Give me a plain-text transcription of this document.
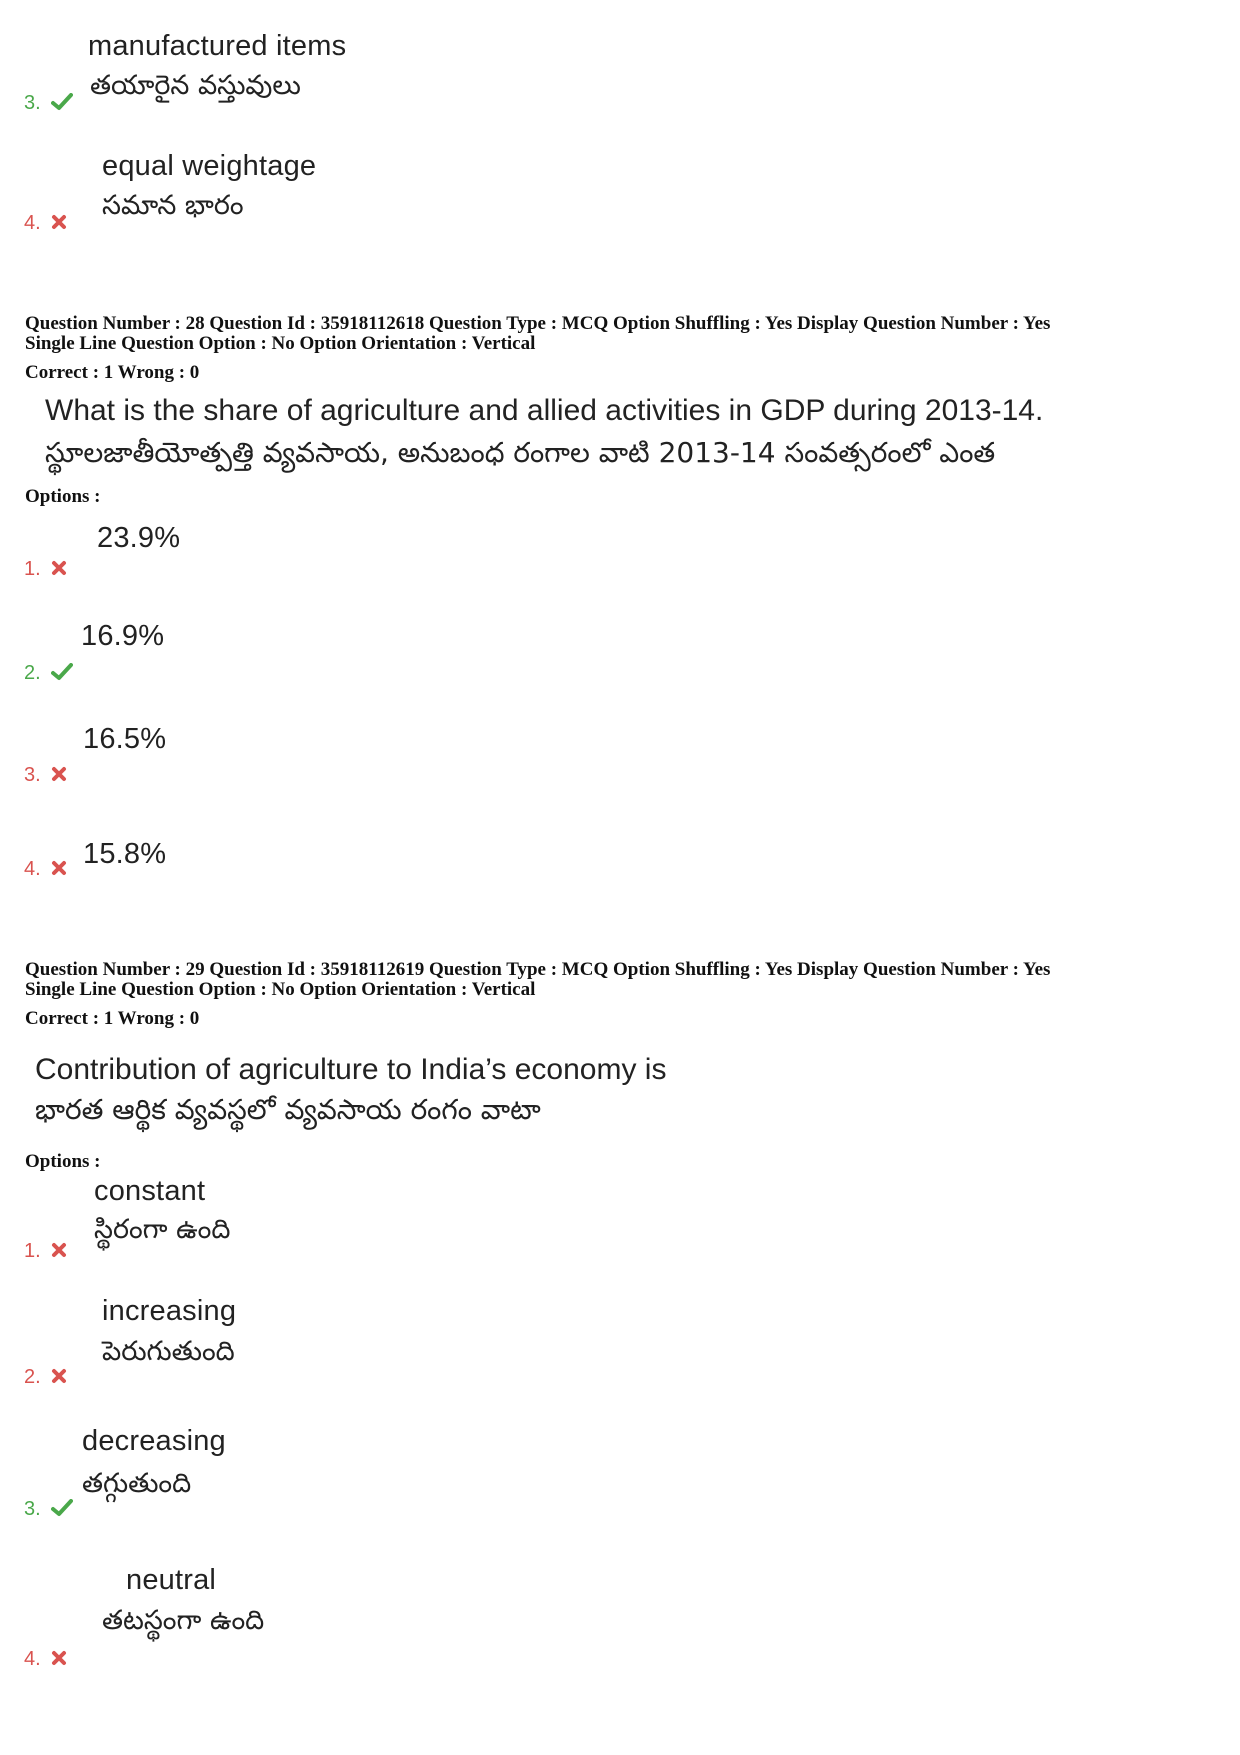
manufactured items
తయారైన వస్తువులు
3.
equal weightage
సమాన భారం
4.
Question Number : 28 Question Id : 35918112618 Question Type : MCQ Option Shuffling : Yes Display Question Number : Yes
Single Line Question Option : No Option Orientation : Vertical
Correct : 1 Wrong : 0
What is the share of agriculture and allied activities in GDP during 2013-14.
స్థూలజాతీయోత్పత్తి వ్యవసాయ, అనుబంధ రంగాల వాటి 2013-14 సంవత్సరంలో ఎంత
Options :
23.9%
1.
16.9%
2.
16.5%
3.
15.8%
4.
Question Number : 29 Question Id : 35918112619 Question Type : MCQ Option Shuffling : Yes Display Question Number : Yes
Single Line Question Option : No Option Orientation : Vertical
Correct : 1 Wrong : 0
Contribution of agriculture to India’s economy is
భారత ఆర్థిక వ్యవస్థలో వ్యవసాయ రంగం వాటా
Options :
constant
స్థిరంగా ఉంది
1.
increasing
పెరుగుతుంది
2.
decreasing
తగ్గుతుంది
3.
neutral
తటస్థంగా ఉంది
4.
